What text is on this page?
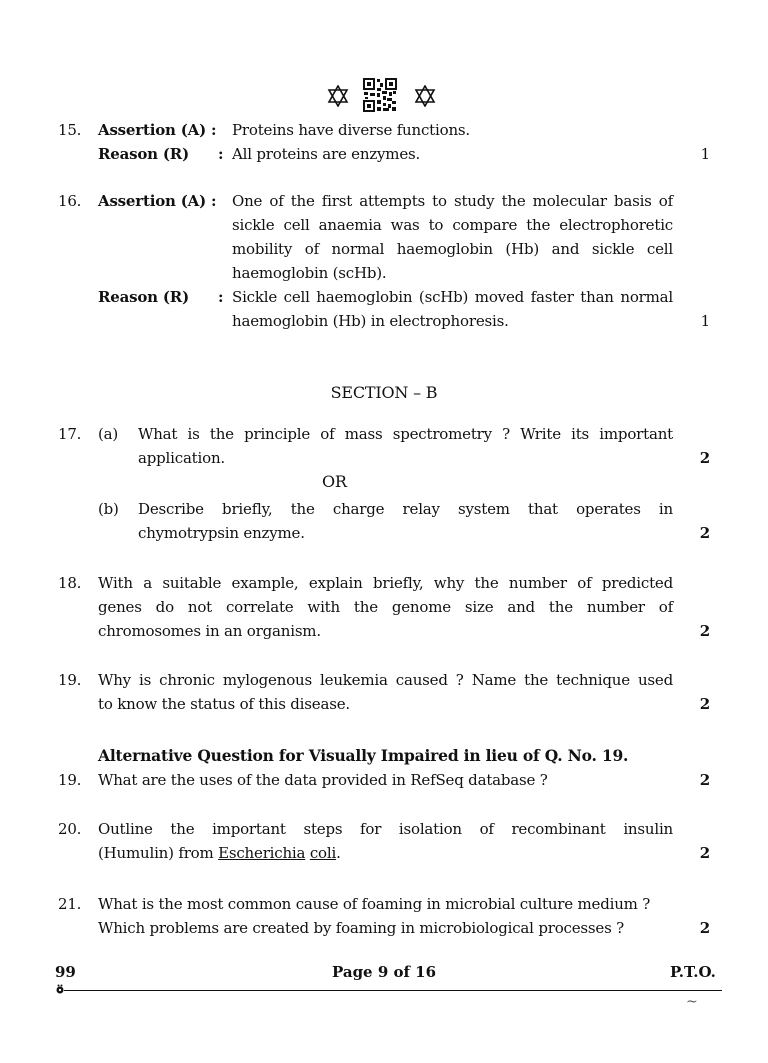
15.	Assertion (A) : Proteins have diverse functions.
Reason (R) : All proteins are enzymes.	1
16.	Assertion (A) : One of the first attempts to study the molecular basis of
sickle cell anaemia was to compare the electrophoretic
mobility of normal haemoglobin (Hb) and sickle cell
haemoglobin (scHb).
Reason (R) : Sickle cell haemoglobin (scHb) moved faster than normal
haemoglobin (Hb) in electrophoresis.	1
SECTION – B
17.	(a) What is the principle of mass spectrometry ? Write its important
application.	2
OR
(b) Describe briefly, the charge relay system that operates in
chymotrypsin enzyme.	2
18.	With a suitable example, explain briefly, why the number of predicted
genes do not correlate with the genome size and the number of
chromosomes in an organism.	2
19.	Why is chronic mylogenous leukemia caused ? Name the technique used
to know the status of this disease.	2
Alternative Question for Visually Impaired in lieu of Q. No. 19.
19.	What are the uses of the data provided in RefSeq database ?	2
20.	Outline the important steps for isolation of recombinant insulin
(Humulin) from Escherichia coli.	2
21.	What is the most common cause of foaming in microbial culture medium ?
Which problems are created by foaming in microbiological processes ?	2
99	Page 9 of 16	P.T.O.
~
